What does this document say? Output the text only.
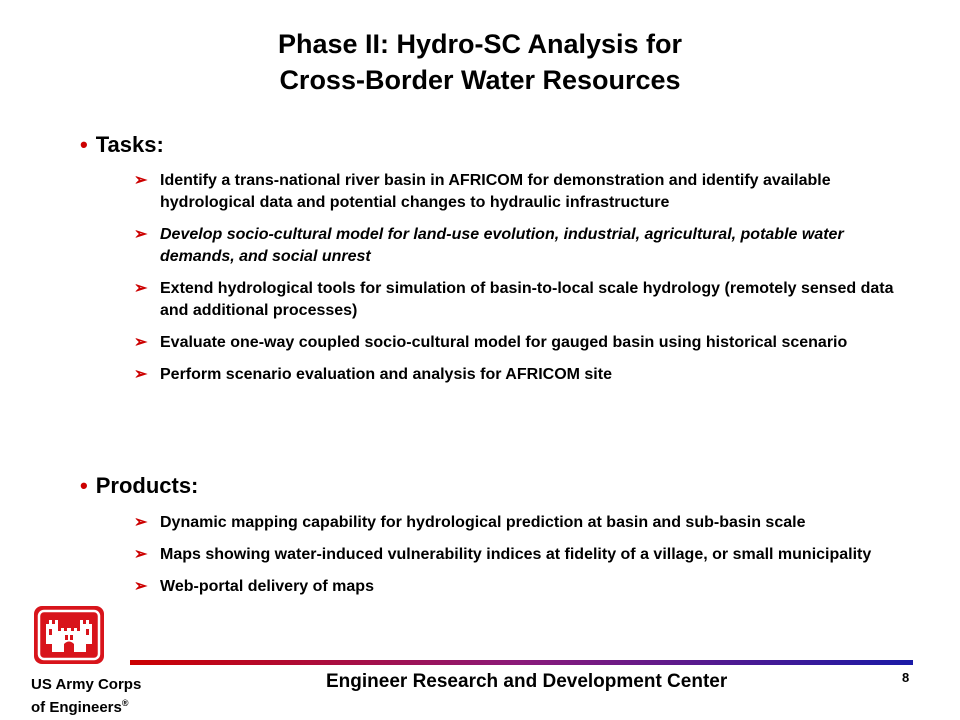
Phase II: Hydro-SC Analysis for
Cross-Border Water Resources
• Tasks:
➢ Identify a trans-national river basin in AFRICOM for demonstration and identify available hydrological data and potential changes to hydraulic infrastructure
➢ Develop socio-cultural model for land-use evolution, industrial, agricultural, potable water demands, and social unrest
➢ Extend hydrological tools for simulation of basin-to-local scale hydrology (remotely sensed data and additional processes)
➢ Evaluate one-way coupled socio-cultural model for gauged basin using historical scenario
➢ Perform scenario evaluation and analysis for AFRICOM site
• Products:
➢ Dynamic mapping capability for hydrological prediction at basin and sub-basin scale
➢ Maps showing water-induced vulnerability indices at fidelity of a village, or small municipality
➢ Web-portal delivery of maps
US Army Corps
of Engineers®
Engineer Research and Development Center	8
